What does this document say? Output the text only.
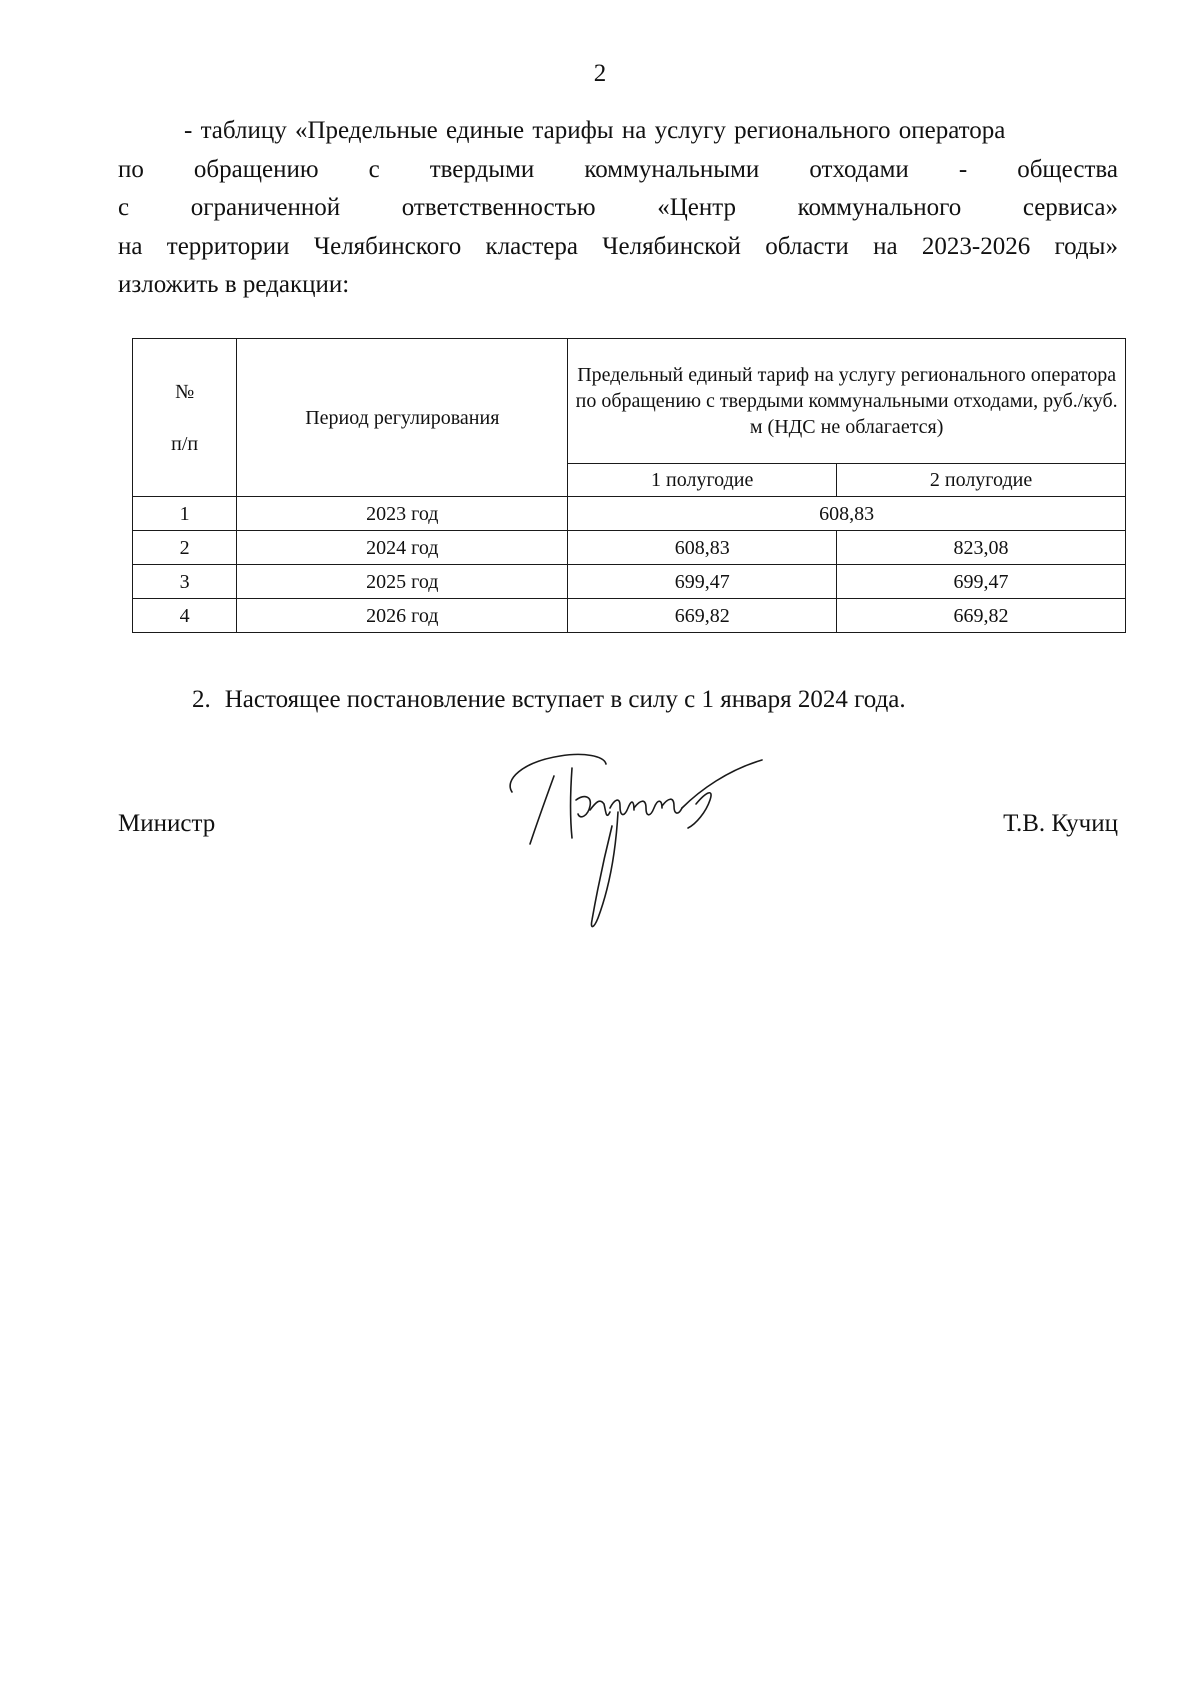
2
- таблицу «Предельные единые тарифы на услугу регионального оператора
по обращению с твердыми коммунальными отходами - общества
с ограниченной ответственностью «Центр коммунального сервиса»
на территории Челябинского кластера Челябинской области на 2023-2026 годы»
изложить в редакции:
№
п/п	Период регулирования	Предельный единый тариф на услугу регионального оператора по обращению с твердыми коммунальными отходами, руб./куб. м (НДС не облагается)	
		1 полугодие	2 полугодие
1	2023 год	608,83	
2	2024 год	608,83	823,08
3	2025 год	699,47	699,47
4	2026 год	669,82	669,82
2. Настоящее постановление вступает в силу с 1 января 2024 года.
Министр	Т.В. Кучиц
